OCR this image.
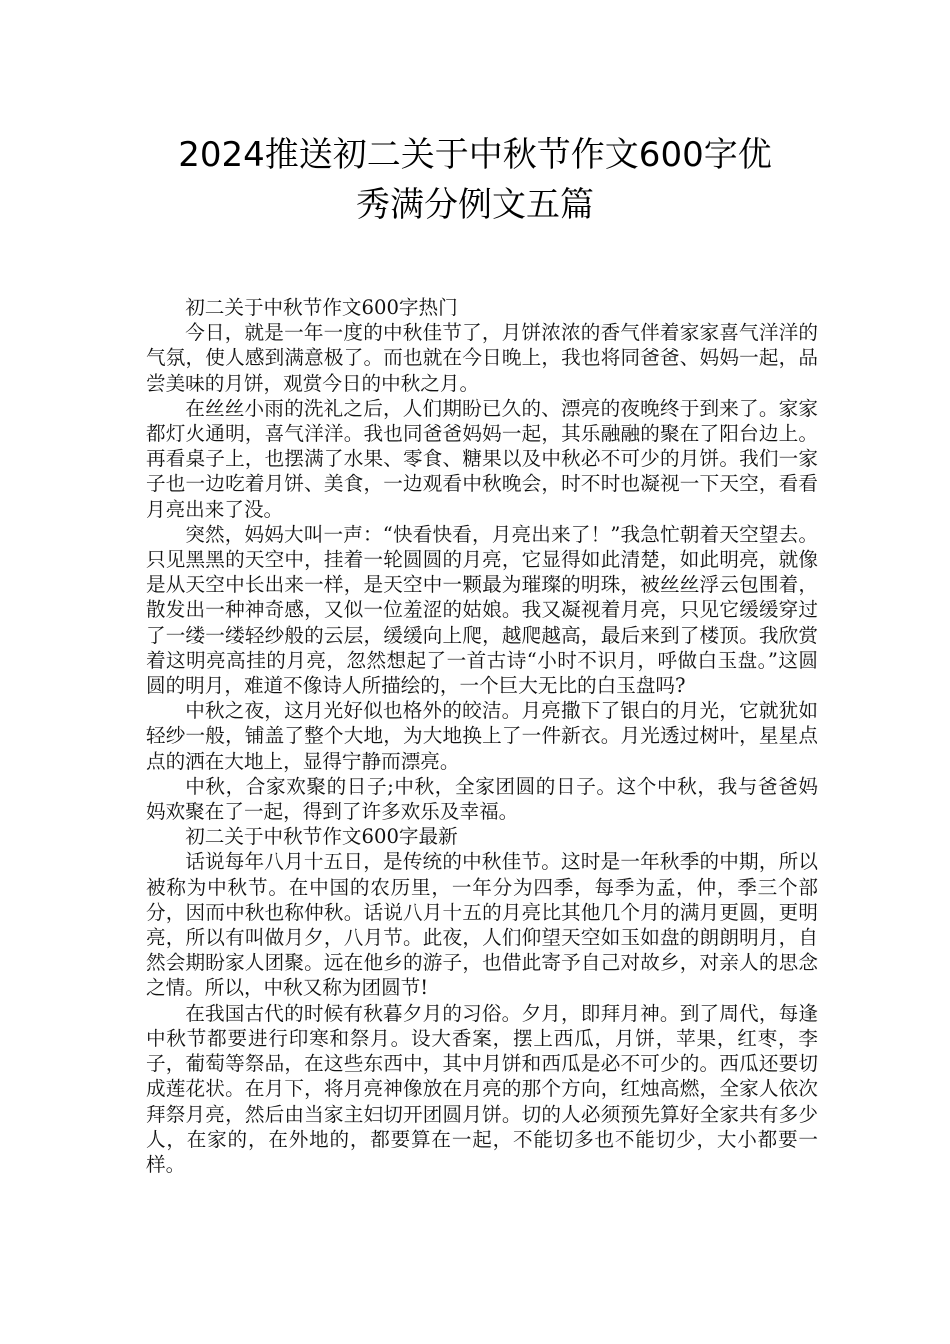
2024推送初二关于中秋节作文600字优
秀满分例文五篇

初二关于中秋节作文600字热门

今日，就是一年一度的中秋佳节了，月饼浓浓的香气伴着家家喜气洋洋的气氛，使人感到满意极了。而也就在今日晚上，我也将同爸爸、妈妈一起，品尝美味的月饼，观赏今日的中秋之月。

在丝丝小雨的洗礼之后，人们期盼已久的、漂亮的夜晚终于到来了。家家都灯火通明，喜气洋洋。我也同爸爸妈妈一起，其乐融融的聚在了阳台边上。再看桌子上，也摆满了水果、零食、糖果以及中秋必不可少的月饼。我们一家子也一边吃着月饼、美食，一边观看中秋晚会，时不时也凝视一下天空，看看月亮出来了没。

突然，妈妈大叫一声：“快看快看，月亮出来了！”我急忙朝着天空望去。只见黑黑的天空中，挂着一轮圆圆的月亮，它显得如此清楚，如此明亮，就像是从天空中长出来一样，是天空中一颗最为璀璨的明珠，被丝丝浮云包围着，散发出一种神奇感，又似一位羞涩的姑娘。我又凝视着月亮，只见它缓缓穿过了一缕一缕轻纱般的云层，缓缓向上爬，越爬越高，最后来到了楼顶。我欣赏着这明亮高挂的月亮，忽然想起了一首古诗“小时不识月，呼做白玉盘。”这圆圆的明月，难道不像诗人所描绘的，一个巨大无比的白玉盘吗?

中秋之夜，这月光好似也格外的皎洁。月亮撒下了银白的月光，它就犹如轻纱一般，铺盖了整个大地，为大地换上了一件新衣。月光透过树叶，星星点点的洒在大地上，显得宁静而漂亮。

中秋，合家欢聚的日子;中秋，全家团圆的日子。这个中秋，我与爸爸妈妈欢聚在了一起，得到了许多欢乐及幸福。

初二关于中秋节作文600字最新

话说每年八月十五日，是传统的中秋佳节。这时是一年秋季的中期，所以被称为中秋节。在中国的农历里，一年分为四季，每季为孟，仲，季三个部分，因而中秋也称仲秋。话说八月十五的月亮比其他几个月的满月更圆，更明亮，所以有叫做月夕，八月节。此夜，人们仰望天空如玉如盘的朗朗明月，自然会期盼家人团聚。远在他乡的游子，也借此寄予自己对故乡，对亲人的思念之情。所以，中秋又称为团圆节!

在我国古代的时候有秋暮夕月的习俗。夕月，即拜月神。到了周代，每逢中秋节都要进行印寒和祭月。设大香案，摆上西瓜，月饼，苹果，红枣，李子，葡萄等祭品，在这些东西中，其中月饼和西瓜是必不可少的。西瓜还要切成莲花状。在月下，将月亮神像放在月亮的那个方向，红烛高燃，全家人依次拜祭月亮，然后由当家主妇切开团圆月饼。切的人必须预先算好全家共有多少人，在家的，在外地的，都要算在一起，不能切多也不能切少，大小都要一样。
